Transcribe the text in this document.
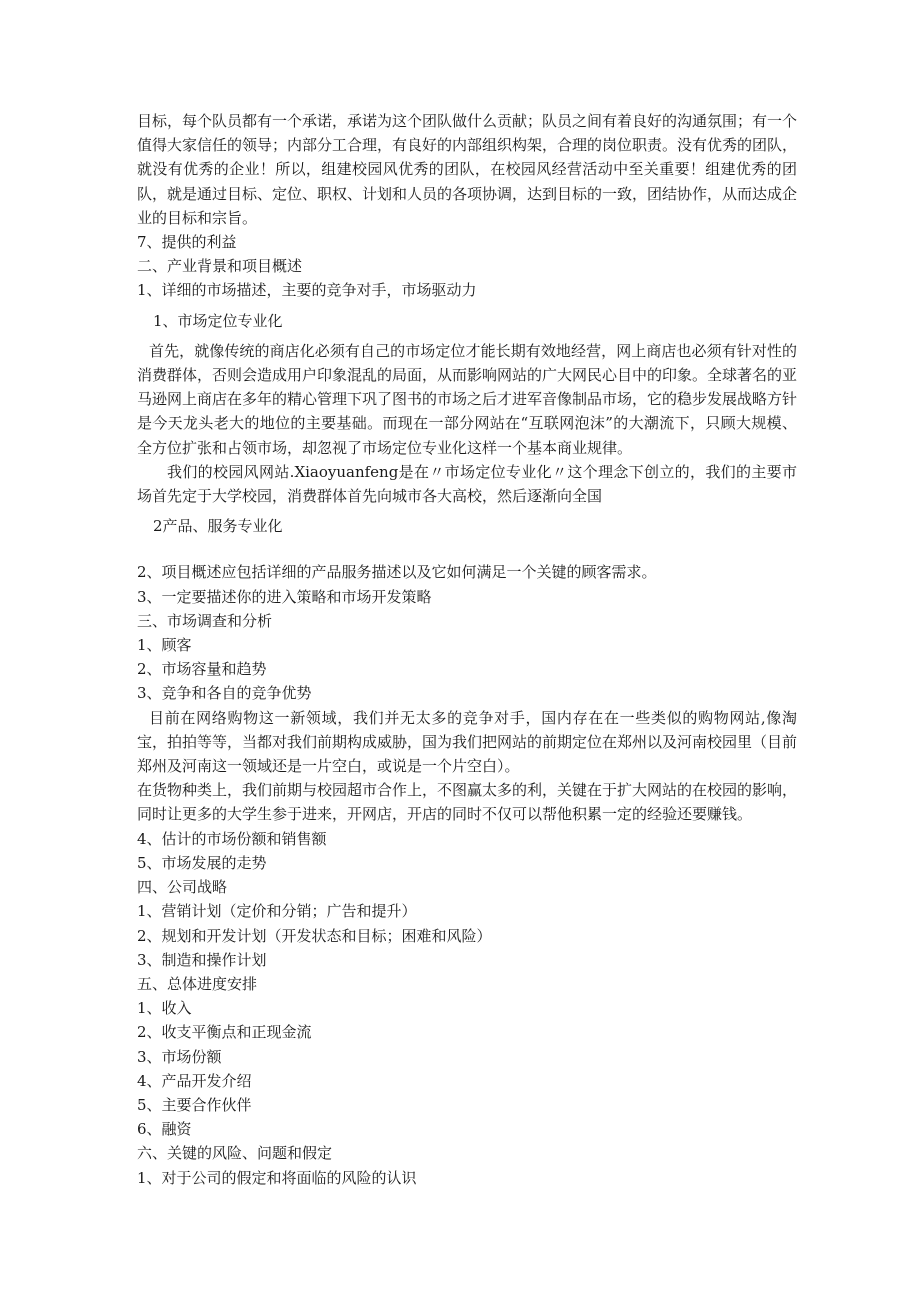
目标，每个队员都有一个承诺，承诺为这个团队做什么贡献；队员之间有着良好的沟通氛围；有一个值得大家信任的领导；内部分工合理，有良好的内部组织构架，合理的岗位职责。没有优秀的团队，就没有优秀的企业！所以，组建校园风优秀的团队，在校园风经营活动中至关重要！组建优秀的团队，就是通过目标、定位、职权、计划和人员的各项协调，达到目标的一致，团结协作，从而达成企业的目标和宗旨。

7、提供的利益

二、产业背景和项目概述

1、详细的市场描述，主要的竞争对手，市场驱动力

1、市场定位专业化

首先，就像传统的商店化必须有自己的市场定位才能长期有效地经营，网上商店也必须有针对性的消费群体，否则会造成用户印象混乱的局面，从而影响网站的广大网民心目中的印象。全球著名的亚马逊网上商店在多年的精心管理下巩了图书的市场之后才进军音像制品市场，它的稳步发展战略方针是今天龙头老大的地位的主要基础。而现在一部分网站在“互联网泡沫”的大潮流下，只顾大规模、全方位扩张和占领市场，却忽视了市场定位专业化这样一个基本商业规律。

我们的校园风网站.Xiaoyuanfeng是在〃市场定位专业化〃这个理念下创立的，我们的主要市场首先定于大学校园，消费群体首先向城市各大高校，然后逐渐向全国

2产品、服务专业化

2、项目概述应包括详细的产品服务描述以及它如何满足一个关键的顾客需求。

3、一定要描述你的进入策略和市场开发策略

三、市场调查和分析

1、顾客

2、市场容量和趋势

3、竞争和各自的竞争优势

目前在网络购物这一新领域，我们并无太多的竞争对手，国内存在在一些类似的购物网站,像淘宝，拍拍等等，当都对我们前期构成威胁，国为我们把网站的前期定位在郑州以及河南校园里（目前郑州及河南这一领域还是一片空白，或说是一个片空白）。

在货物种类上，我们前期与校园超市合作上，不图赢太多的利，关键在于扩大网站的在校园的影响，同时让更多的大学生参于进来，开网店，开店的同时不仅可以帮他积累一定的经验还要赚钱。

4、估计的市场份额和销售额

5、市场发展的走势

四、公司战略

1、营销计划（定价和分销；广告和提升）

2、规划和开发计划（开发状态和目标；困难和风险）

3、制造和操作计划

五、总体进度安排

1、收入

2、收支平衡点和正现金流

3、市场份额

4、产品开发介绍

5、主要合作伙伴

6、融资

六、关键的风险、问题和假定

1、对于公司的假定和将面临的风险的认识
